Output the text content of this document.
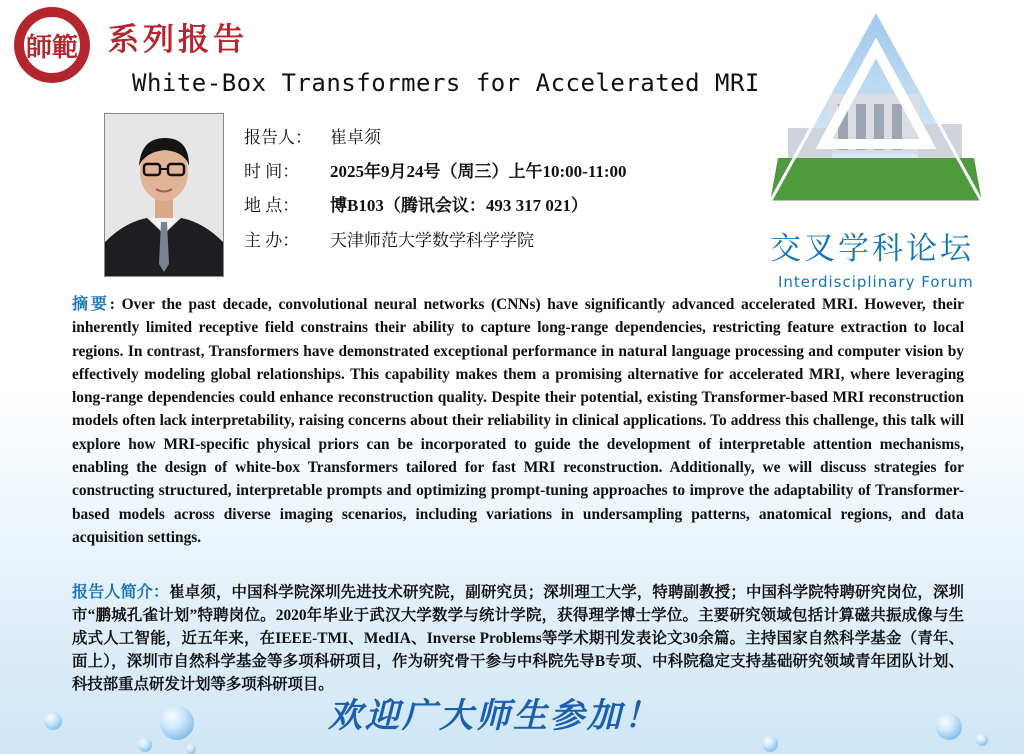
師範 系列报告
White-Box Transformers for Accelerated MRI
报告人： 崔卓须
时 间： 2025年9月24号（周三）上午10:00-11:00
地 点： 博B103（腾讯会议：493 317 021）
主 办： 天津师范大学数学科学学院	交叉学科论坛
Interdisciplinary Forum
摘要: Over the past decade, convolutional neural networks (CNNs) have significantly advanced accelerated MRI. However, their inherently limited receptive field constrains their ability to capture long-range dependencies, restricting feature extraction to local regions. In contrast, Transformers have demonstrated exceptional performance in natural language processing and computer vision by effectively modeling global relationships. This capability makes them a promising alternative for accelerated MRI, where leveraging long-range dependencies could enhance reconstruction quality. Despite their potential, existing Transformer-based MRI reconstruction models often lack interpretability, raising concerns about their reliability in clinical applications. To address this challenge, this talk will explore how MRI-specific physical priors can be incorporated to guide the development of interpretable attention mechanisms, enabling the design of white-box Transformers tailored for fast MRI reconstruction. Additionally, we will discuss strategies for constructing structured, interpretable prompts and optimizing prompt-tuning approaches to improve the adaptability of Transformer-based models across diverse imaging scenarios, including variations in undersampling patterns, anatomical regions, and data acquisition settings.
报告人简介：崔卓须，中国科学院深圳先进技术研究院，副研究员；深圳理工大学，特聘副教授；中国科学院特聘研究岗位，深圳市“鹏城孔雀计划”特聘岗位。2020年毕业于武汉大学数学与统计学院，获得理学博士学位。主要研究领域包括计算磁共振成像与生成式人工智能，近五年来，在IEEE-TMI、MedIA、Inverse Problems等学术期刊发表论文30余篇。主持国家自然科学基金（青年、面上），深圳市自然科学基金等多项科研项目，作为研究骨干参与中科院先导B专项、中科院稳定支持基础研究领域青年团队计划、科技部重点研发计划等多项科研项目。
欢迎广大师生参加！
